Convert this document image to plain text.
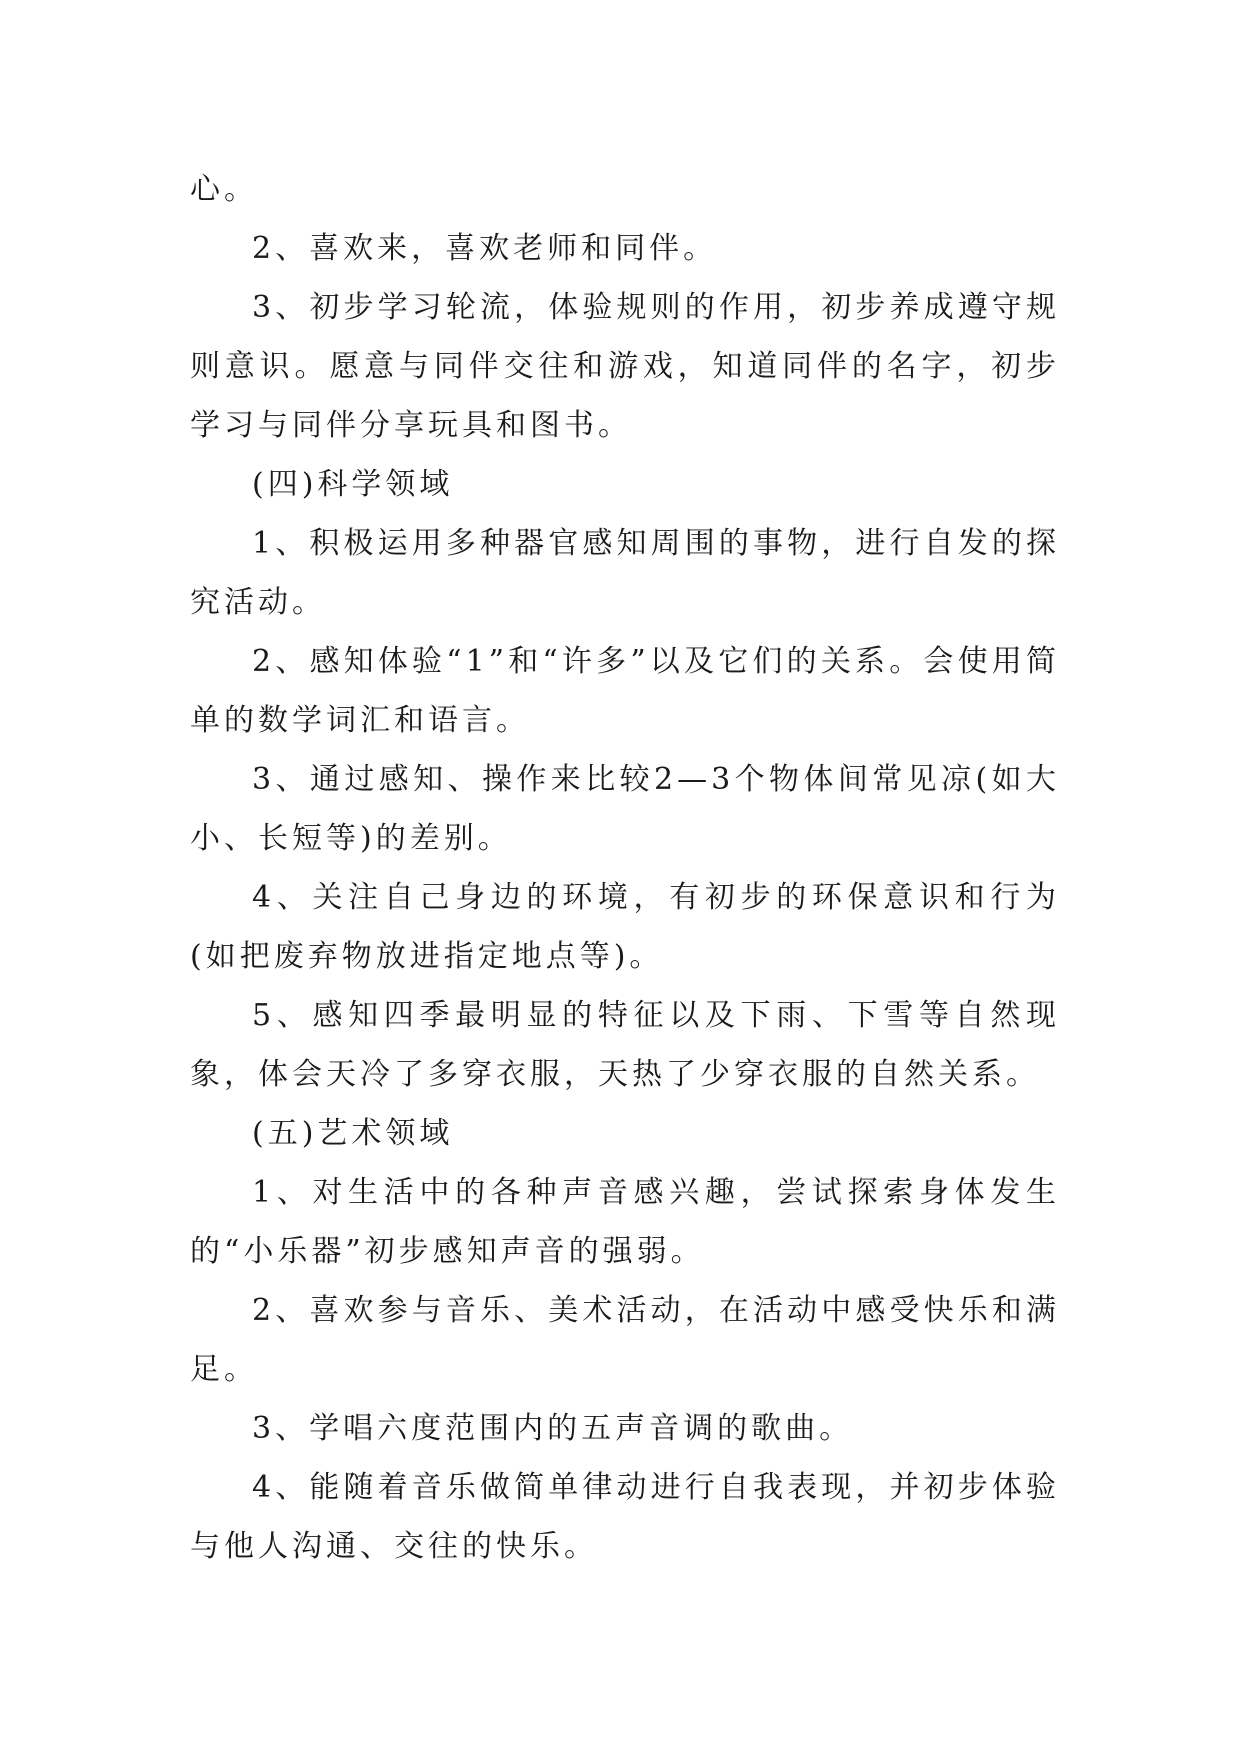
心。

2、喜欢来，喜欢老师和同伴。

3、初步学习轮流，体验规则的作用，初步养成遵守规则意识。愿意与同伴交往和游戏，知道同伴的名字，初步学习与同伴分享玩具和图书。

(四)科学领域

1、积极运用多种器官感知周围的事物，进行自发的探究活动。

2、感知体验“1”和“许多”以及它们的关系。会使用简单的数学词汇和语言。

3、通过感知、操作来比较2—3个物体间常见凉(如大小、长短等)的差别。

4、关注自己身边的环境，有初步的环保意识和行为(如把废弃物放进指定地点等)。

5、感知四季最明显的特征以及下雨、下雪等自然现象，体会天冷了多穿衣服，天热了少穿衣服的自然关系。

(五)艺术领域

1、对生活中的各种声音感兴趣，尝试探索身体发生的“小乐器”初步感知声音的强弱。

2、喜欢参与音乐、美术活动，在活动中感受快乐和满足。

3、学唱六度范围内的五声音调的歌曲。

4、能随着音乐做简单律动进行自我表现，并初步体验与他人沟通、交往的快乐。
